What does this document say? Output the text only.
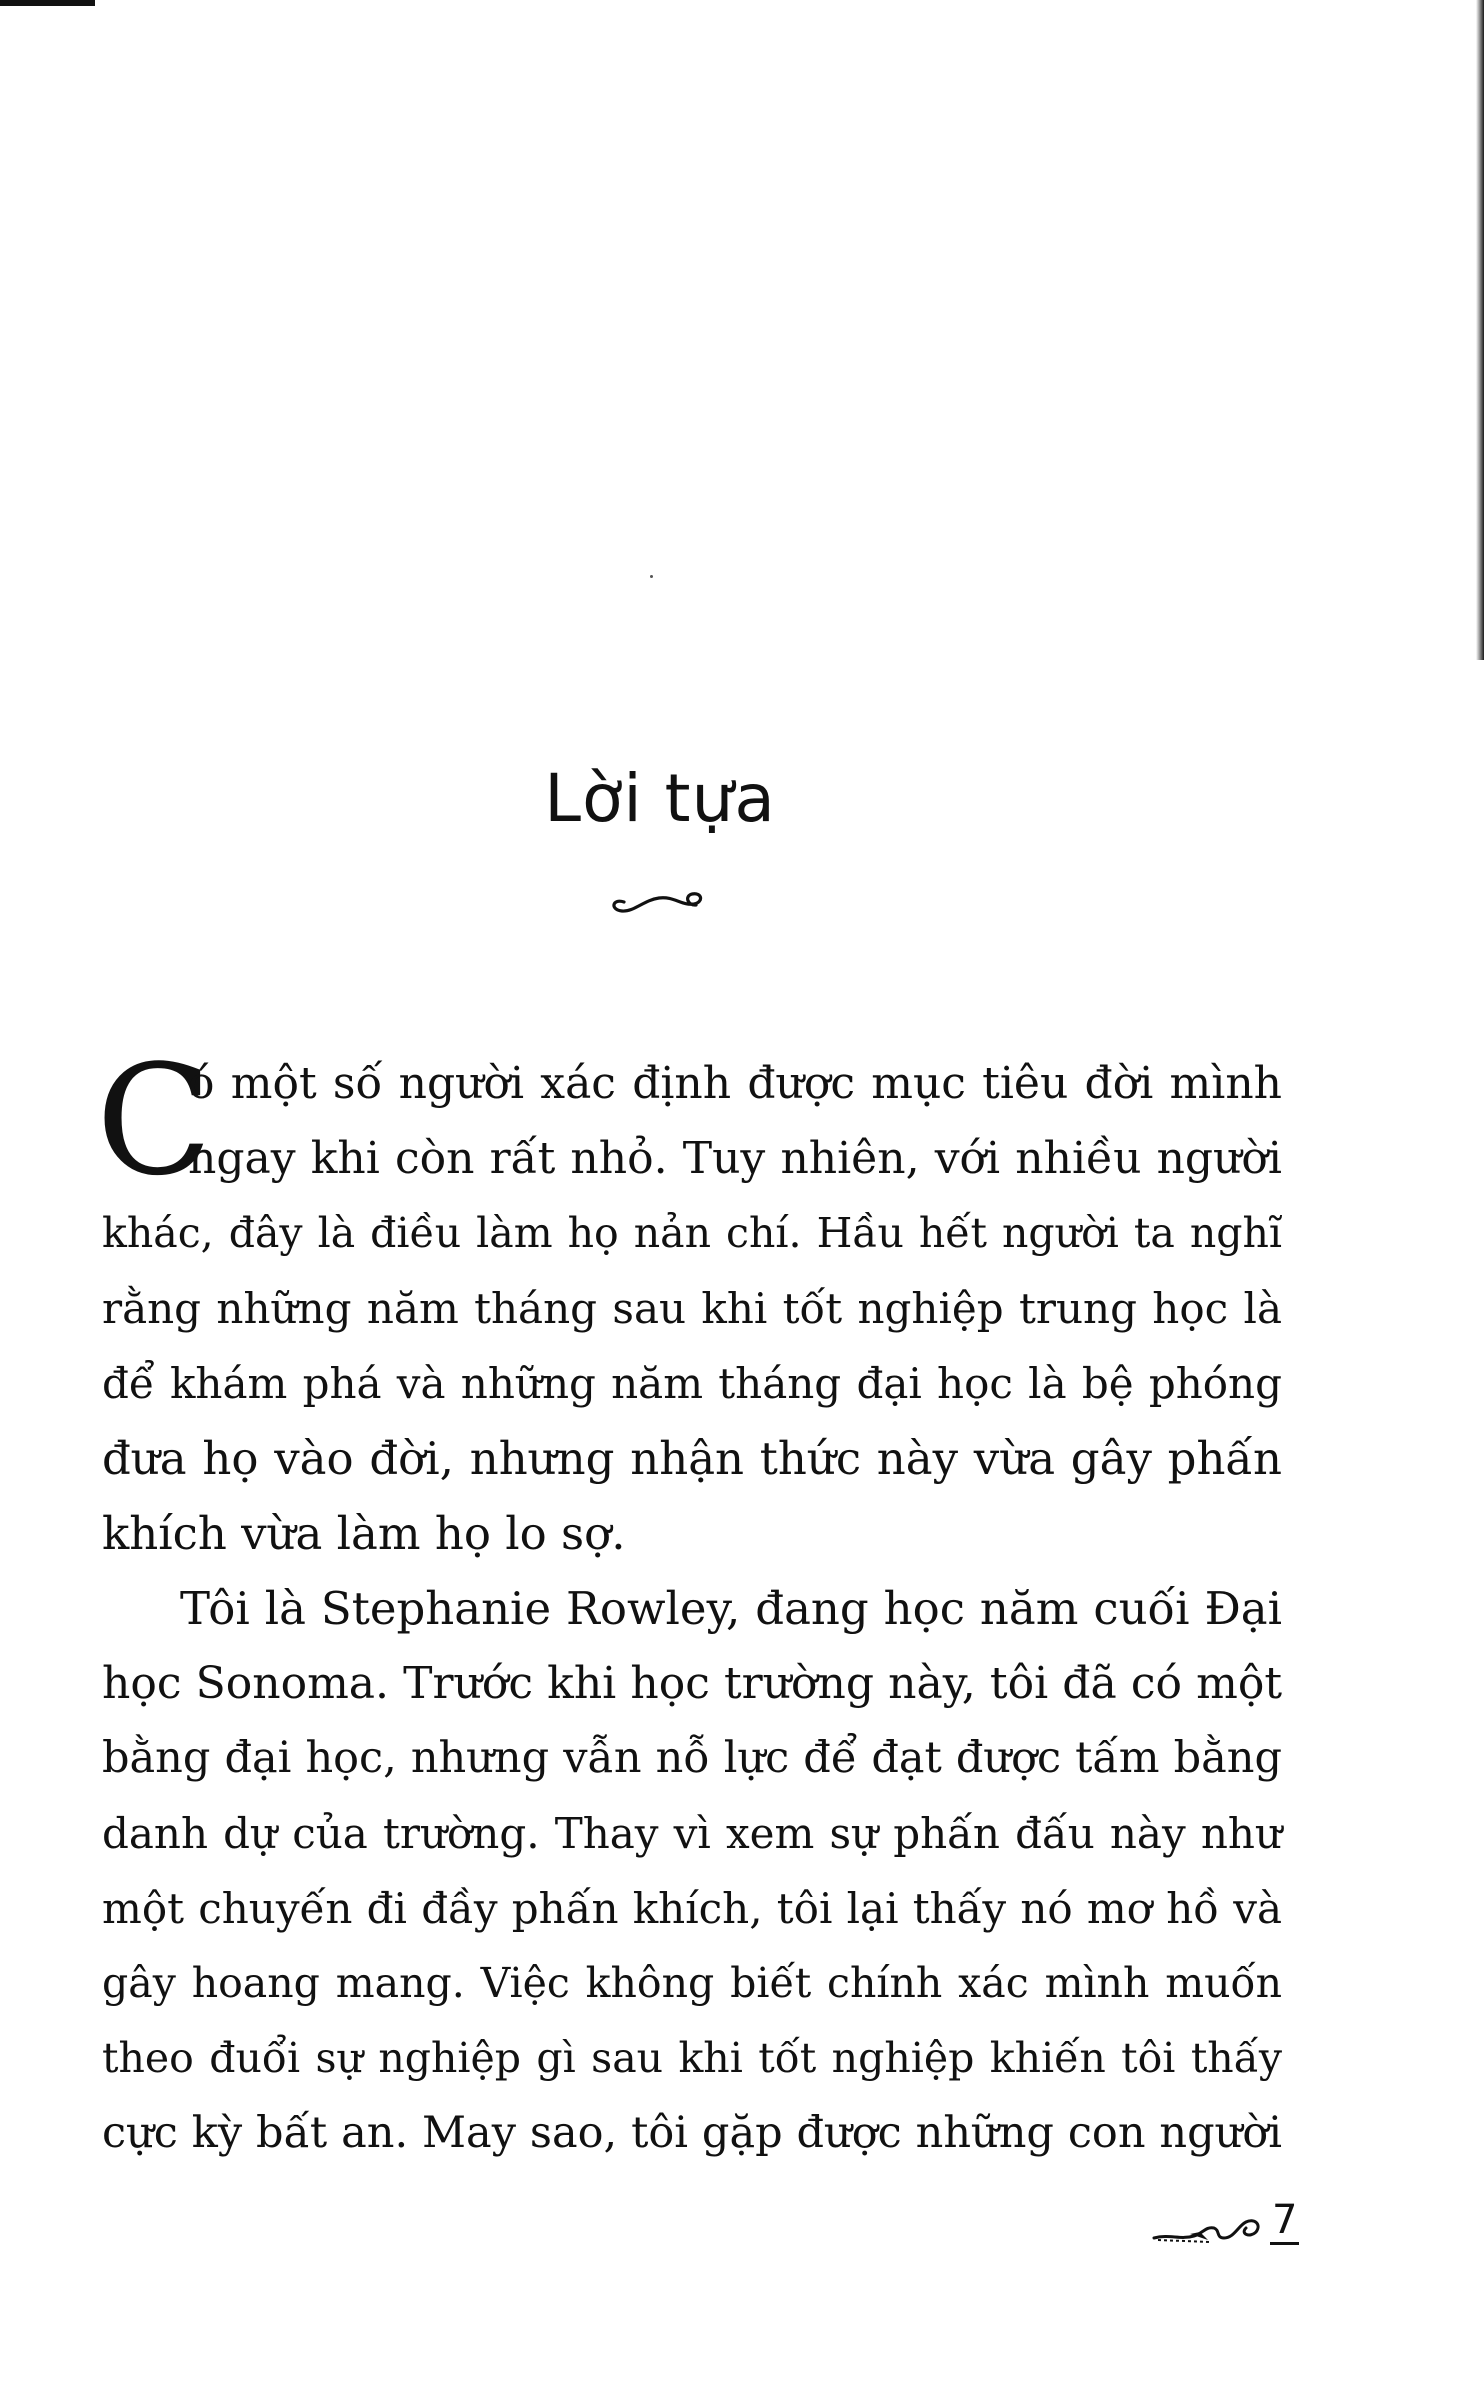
Lời tựa
C
ó một số người xác định được mục tiêu đời mình
ngay khi còn rất nhỏ. Tuy nhiên, với nhiều người
khác, đây là điều làm họ nản chí. Hầu hết người ta nghĩ
rằng những năm tháng sau khi tốt nghiệp trung học là
để khám phá và những năm tháng đại học là bệ phóng
đưa họ vào đời, nhưng nhận thức này vừa gây phấn
khích vừa làm họ lo sợ.
Tôi là Stephanie Rowley, đang học năm cuối Đại
học Sonoma. Trước khi học trường này, tôi đã có một
bằng đại học, nhưng vẫn nỗ lực để đạt được tấm bằng
danh dự của trường. Thay vì xem sự phấn đấu này như
một chuyến đi đầy phấn khích, tôi lại thấy nó mơ hồ và
gây hoang mang. Việc không biết chính xác mình muốn
theo đuổi sự nghiệp gì sau khi tốt nghiệp khiến tôi thấy
cực kỳ bất an. May sao, tôi gặp được những con người
7
